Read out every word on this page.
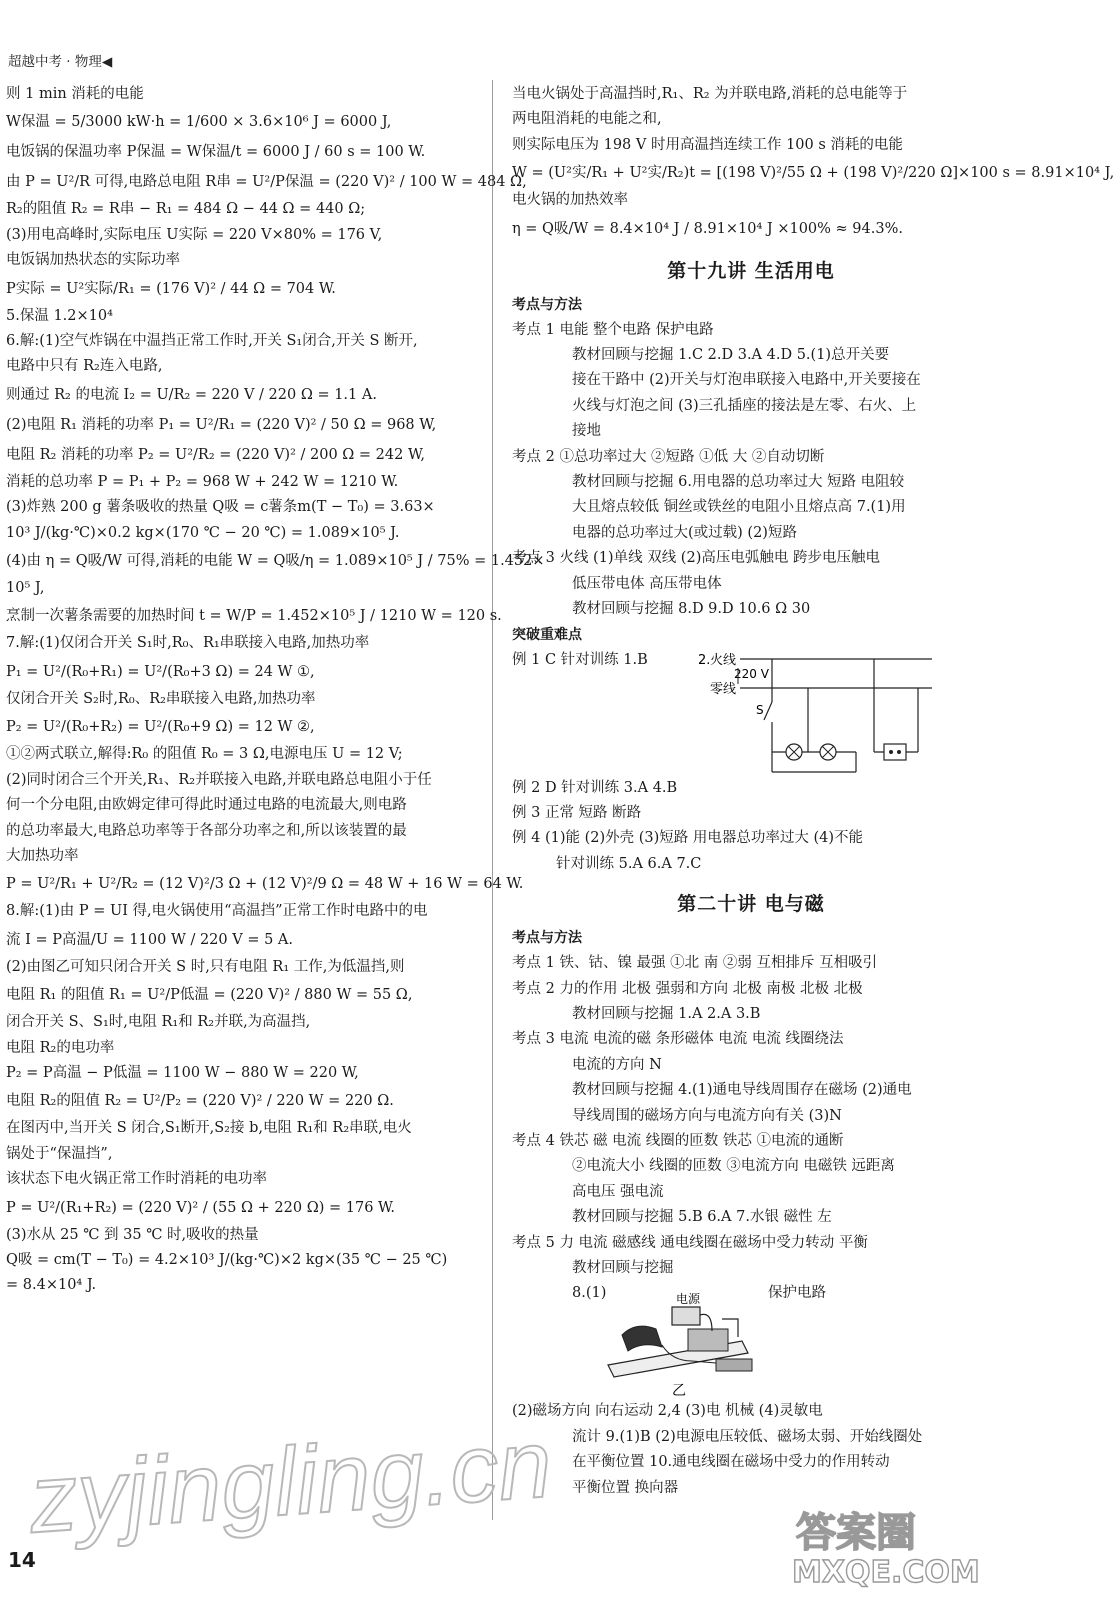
超越中考 · 物理◀

则 1 min 消耗的电能

W保温 = 5/3000 kW·h = 1/600 × 3.6×10⁶ J = 6000 J,

电饭锅的保温功率 P保温 = W保温/t = 6000 J / 60 s = 100 W.

由 P = U²/R 可得,电路总电阻 R串 = U²/P保温 = (220 V)² / 100 W = 484 Ω,

R₂的阻值 R₂ = R串 − R₁ = 484 Ω − 44 Ω = 440 Ω;

(3)用电高峰时,实际电压 U实际 = 220 V×80% = 176 V,

电饭锅加热状态的实际功率

P实际 = U²实际/R₁ = (176 V)² / 44 Ω = 704 W.

5.保温 1.2×10⁴

6.解:(1)空气炸锅在中温挡正常工作时,开关 S₁闭合,开关 S 断开,

电路中只有 R₂连入电路,

则通过 R₂ 的电流 I₂ = U/R₂ = 220 V / 220 Ω = 1.1 A.

(2)电阻 R₁ 消耗的功率 P₁ = U²/R₁ = (220 V)² / 50 Ω = 968 W,

电阻 R₂ 消耗的功率 P₂ = U²/R₂ = (220 V)² / 200 Ω = 242 W,

消耗的总功率 P = P₁ + P₂ = 968 W + 242 W = 1210 W.

(3)炸熟 200 g 薯条吸收的热量 Q吸 = c薯条m(T − T₀) = 3.63×

10³ J/(kg·℃)×0.2 kg×(170 ℃ − 20 ℃) = 1.089×10⁵ J.

(4)由 η = Q吸/W 可得,消耗的电能 W = Q吸/η = 1.089×10⁵ J / 75% = 1.452×

10⁵ J,

烹制一次薯条需要的加热时间 t = W/P = 1.452×10⁵ J / 1210 W = 120 s.

7.解:(1)仅闭合开关 S₁时,R₀、R₁串联接入电路,加热功率

P₁ = U²/(R₀+R₁) = U²/(R₀+3 Ω) = 24 W ①,

仅闭合开关 S₂时,R₀、R₂串联接入电路,加热功率

P₂ = U²/(R₀+R₂) = U²/(R₀+9 Ω) = 12 W ②,

①②两式联立,解得:R₀ 的阻值 R₀ = 3 Ω,电源电压 U = 12 V;

(2)同时闭合三个开关,R₁、R₂并联接入电路,并联电路总电阻小于任

何一个分电阻,由欧姆定律可得此时通过电路的电流最大,则电路

的总功率最大,电路总功率等于各部分功率之和,所以该装置的最

大加热功率

P = U²/R₁ + U²/R₂ = (12 V)²/3 Ω + (12 V)²/9 Ω = 48 W + 16 W = 64 W.

8.解:(1)由 P = UI 得,电火锅使用“高温挡”正常工作时电路中的电

流 I = P高温/U = 1100 W / 220 V = 5 A.

(2)由图乙可知只闭合开关 S 时,只有电阻 R₁ 工作,为低温挡,则

电阻 R₁ 的阻值 R₁ = U²/P低温 = (220 V)² / 880 W = 55 Ω,

闭合开关 S、S₁时,电阻 R₁和 R₂并联,为高温挡,

电阻 R₂的电功率

P₂ = P高温 − P低温 = 1100 W − 880 W = 220 W,

电阻 R₂的阻值 R₂ = U²/P₂ = (220 V)² / 220 W = 220 Ω.

在图丙中,当开关 S 闭合,S₁断开,S₂接 b,电阻 R₁和 R₂串联,电火

锅处于“保温挡”,

该状态下电火锅正常工作时消耗的电功率

P = U²/(R₁+R₂) = (220 V)² / (55 Ω + 220 Ω) = 176 W.

(3)水从 25 ℃ 到 35 ℃ 时,吸收的热量

Q吸 = cm(T − T₀) = 4.2×10³ J/(kg·℃)×2 kg×(35 ℃ − 25 ℃)

= 8.4×10⁴ J.

当电火锅处于高温挡时,R₁、R₂ 为并联电路,消耗的总电能等于

两电阻消耗的电能之和,

则实际电压为 198 V 时用高温挡连续工作 100 s 消耗的电能

W = (U²实/R₁ + U²实/R₂)t = [(198 V)²/55 Ω + (198 V)²/220 Ω]×100 s = 8.91×10⁴ J,

电火锅的加热效率

η = Q吸/W = 8.4×10⁴ J / 8.91×10⁴ J ×100% ≈ 94.3%.

第十九讲 生活用电
考点与方法

考点 1 电能 整个电路 保护电路

教材回顾与挖掘 1.C 2.D 3.A 4.D 5.(1)总开关要

接在干路中 (2)开关与灯泡串联接入电路中,开关要接在

火线与灯泡之间 (3)三孔插座的接法是左零、右火、上

接地

考点 2 ①总功率过大 ②短路 ①低 大 ②自动切断

教材回顾与挖掘 6.用电器的总功率过大 短路 电阻较

大且熔点较低 铜丝或铁丝的电阻小且熔点高 7.(1)用

电器的总功率过大(或过载) (2)短路

考点 3 火线 (1)单线 双线 (2)高压电弧触电 跨步电压触电

低压带电体 高压带电体

教材回顾与挖掘 8.D 9.D 10.6 Ω 30

突破重难点
例 1 C 针对训练 1.B	2. 火线
220 V
零线
S

例 2 D 针对训练 3.A 4.B

例 3 正常 短路 断路

例 4 (1)能 (2)外壳 (3)短路 用电器总功率过大 (4)不能

针对训练 5.A 6.A 7.C

第二十讲 电与磁
考点与方法

考点 1 铁、钴、镍 最强 ①北 南 ②弱 互相排斥 互相吸引

考点 2 力的作用 北极 强弱和方向 北极 南极 北极 北极

教材回顾与挖掘 1.A 2.A 3.B

考点 3 电流 电流的磁 条形磁体 电流 电流 线圈绕法

电流的方向 N

教材回顾与挖掘 4.(1)通电导线周围存在磁场 (2)通电

导线周围的磁场方向与电流方向有关 (3)N

考点 4 铁芯 磁 电流 线圈的匝数 铁芯 ①电流的通断

②电流大小 线圈的匝数 ③电流方向 电磁铁 远距离

高电压 强电流

教材回顾与挖掘 5.B 6.A 7.水银 磁性 左

考点 5 力 电流 磁感线 通电线圈在磁场中受力转动 平衡

教材回顾与挖掘

8.(1)	保护电路
电源
乙

(2)磁场方向 向右运动 2,4 (3)电 机械 (4)灵敏电

流计 9.(1)B (2)电源电压较低、磁场太弱、开始线圈处

在平衡位置 10.通电线圈在磁场中受力的作用转动

平衡位置 换向器

14
zyjingling.cn	答案圈
MXQE.COM
